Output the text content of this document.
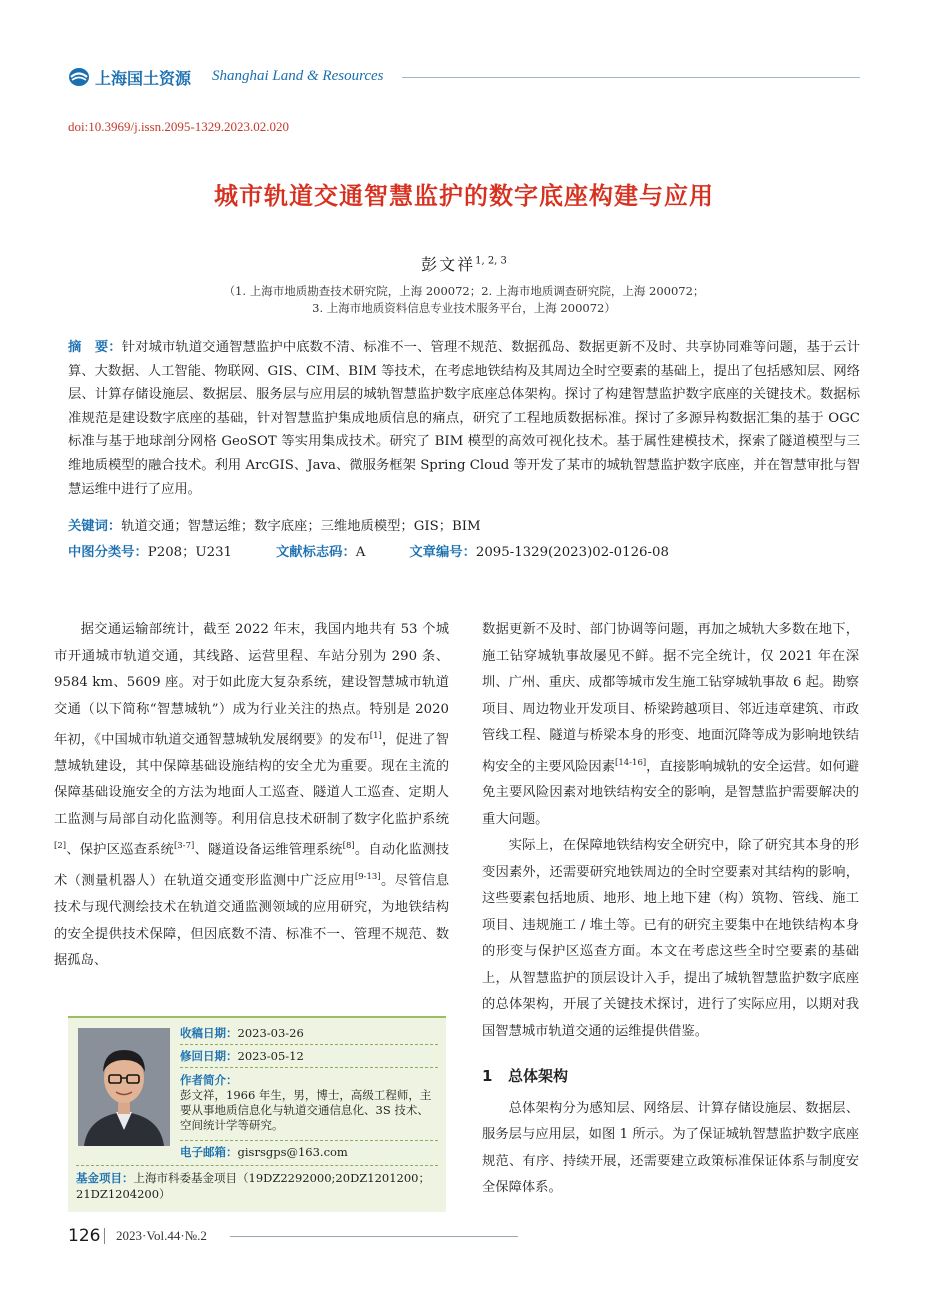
上海国土资源 Shanghai Land & Resources
doi:10.3969/j.issn.2095-1329.2023.02.020
城市轨道交通智慧监护的数字底座构建与应用
彭文祥$^{1, 2, 3}$
（1. 上海市地质勘查技术研究院，上海 200072；2. 上海市地质调查研究院，上海 200072；
3. 上海市地质资料信息专业技术服务平台，上海 200072）
摘　要：针对城市轨道交通智慧监护中底数不清、标准不一、管理不规范、数据孤岛、数据更新不及时、共享协同难等问题，基于云计算、大数据、人工智能、物联网、GIS、CIM、BIM 等技术，在考虑地铁结构及其周边全时空要素的基础上，提出了包括感知层、网络层、计算存储设施层、数据层、服务层与应用层的城轨智慧监护数字底座总体架构。探讨了构建智慧监护数字底座的关键技术。数据标准规范是建设数字底座的基础，针对智慧监护集成地质信息的痛点，研究了工程地质数据标准。探讨了多源异构数据汇集的基于 OGC 标准与基于地球剖分网格 GeoSOT 等实用集成技术。研究了 BIM 模型的高效可视化技术。基于属性建模技术，探索了隧道模型与三维地质模型的融合技术。利用 ArcGIS、Java、微服务框架 Spring Cloud 等开发了某市的城轨智慧监护数字底座，并在智慧审批与智慧运维中进行了应用。
关键词：轨道交通；智慧运维；数字底座；三维地质模型；GIS；BIM
中图分类号：P208；U231	文献标志码：A	文章编号：2095-1329(2023)02-0126-08

据交通运输部统计，截至 2022 年末，我国内地共有 53 个城市开通城市轨道交通，其线路、运营里程、车站分别为 290 条、9584 km、5609 座。对于如此庞大复杂系统，建设智慧城市轨道交通（以下简称“智慧城轨”）成为行业关注的热点。特别是 2020 年初，《中国城市轨道交通智慧城轨发展纲要》的发布[1]，促进了智慧城轨建设，其中保障基础设施结构的安全尤为重要。现在主流的保障基础设施安全的方法为地面人工巡查、隧道人工巡查、定期人工监测与局部自动化监测等。利用信息技术研制了数字化监护系统[2]、保护区巡查系统[3-7]、隧道设备运维管理系统[8]。自动化监测技术（测量机器人）在轨道交通变形监测中广泛应用[9-13]。尽管信息技术与现代测绘技术在轨道交通监测领域的应用研究，为地铁结构的安全提供技术保障，但因底数不清、标准不一、管理不规范、数据孤岛、

数据更新不及时、部门协调等问题，再加之城轨大多数在地下，施工钻穿城轨事故屡见不鲜。据不完全统计，仅 2021 年在深圳、广州、重庆、成都等城市发生施工钻穿城轨事故 6 起。勘察项目、周边物业开发项目、桥梁跨越项目、邻近违章建筑、市政管线工程、隧道与桥梁本身的形变、地面沉降等成为影响地铁结构安全的主要风险因素[14-16]，直接影响城轨的安全运营。如何避免主要风险因素对地铁结构安全的影响，是智慧监护需要解决的重大问题。

实际上，在保障地铁结构安全研究中，除了研究其本身的形变因素外，还需要研究地铁周边的全时空要素对其结构的影响，这些要素包括地质、地形、地上地下建（构）筑物、管线、施工项目、违规施工 / 堆土等。已有的研究主要集中在地铁结构本身的形变与保护区巡查方面。本文在考虑这些全时空要素的基础上，从智慧监护的顶层设计入手，提出了城轨智慧监护数字底座的总体架构，开展了关键技术探讨，进行了实际应用，以期对我国智慧城市轨道交通的运维提供借鉴。

1 总体架构

总体架构分为感知层、网络层、计算存储设施层、数据层、服务层与应用层，如图 1 所示。为了保证城轨智慧监护数字底座规范、有序、持续开展，还需要建立政策标准保证体系与制度安全保障体系。

收稿日期：2023-03-26
修回日期：2023-05-12
作者简介：
彭文祥，1966 年生，男，博士，高级工程师，主要从事地质信息化与轨道交通信息化、3S 技术、空间统计学等研究。
电子邮箱：gisrsgps@163.com
基金项目：上海市科委基金项目（19DZ2292000;20DZ1201200；21DZ1204200）
126 2023·Vol.44·№.2
